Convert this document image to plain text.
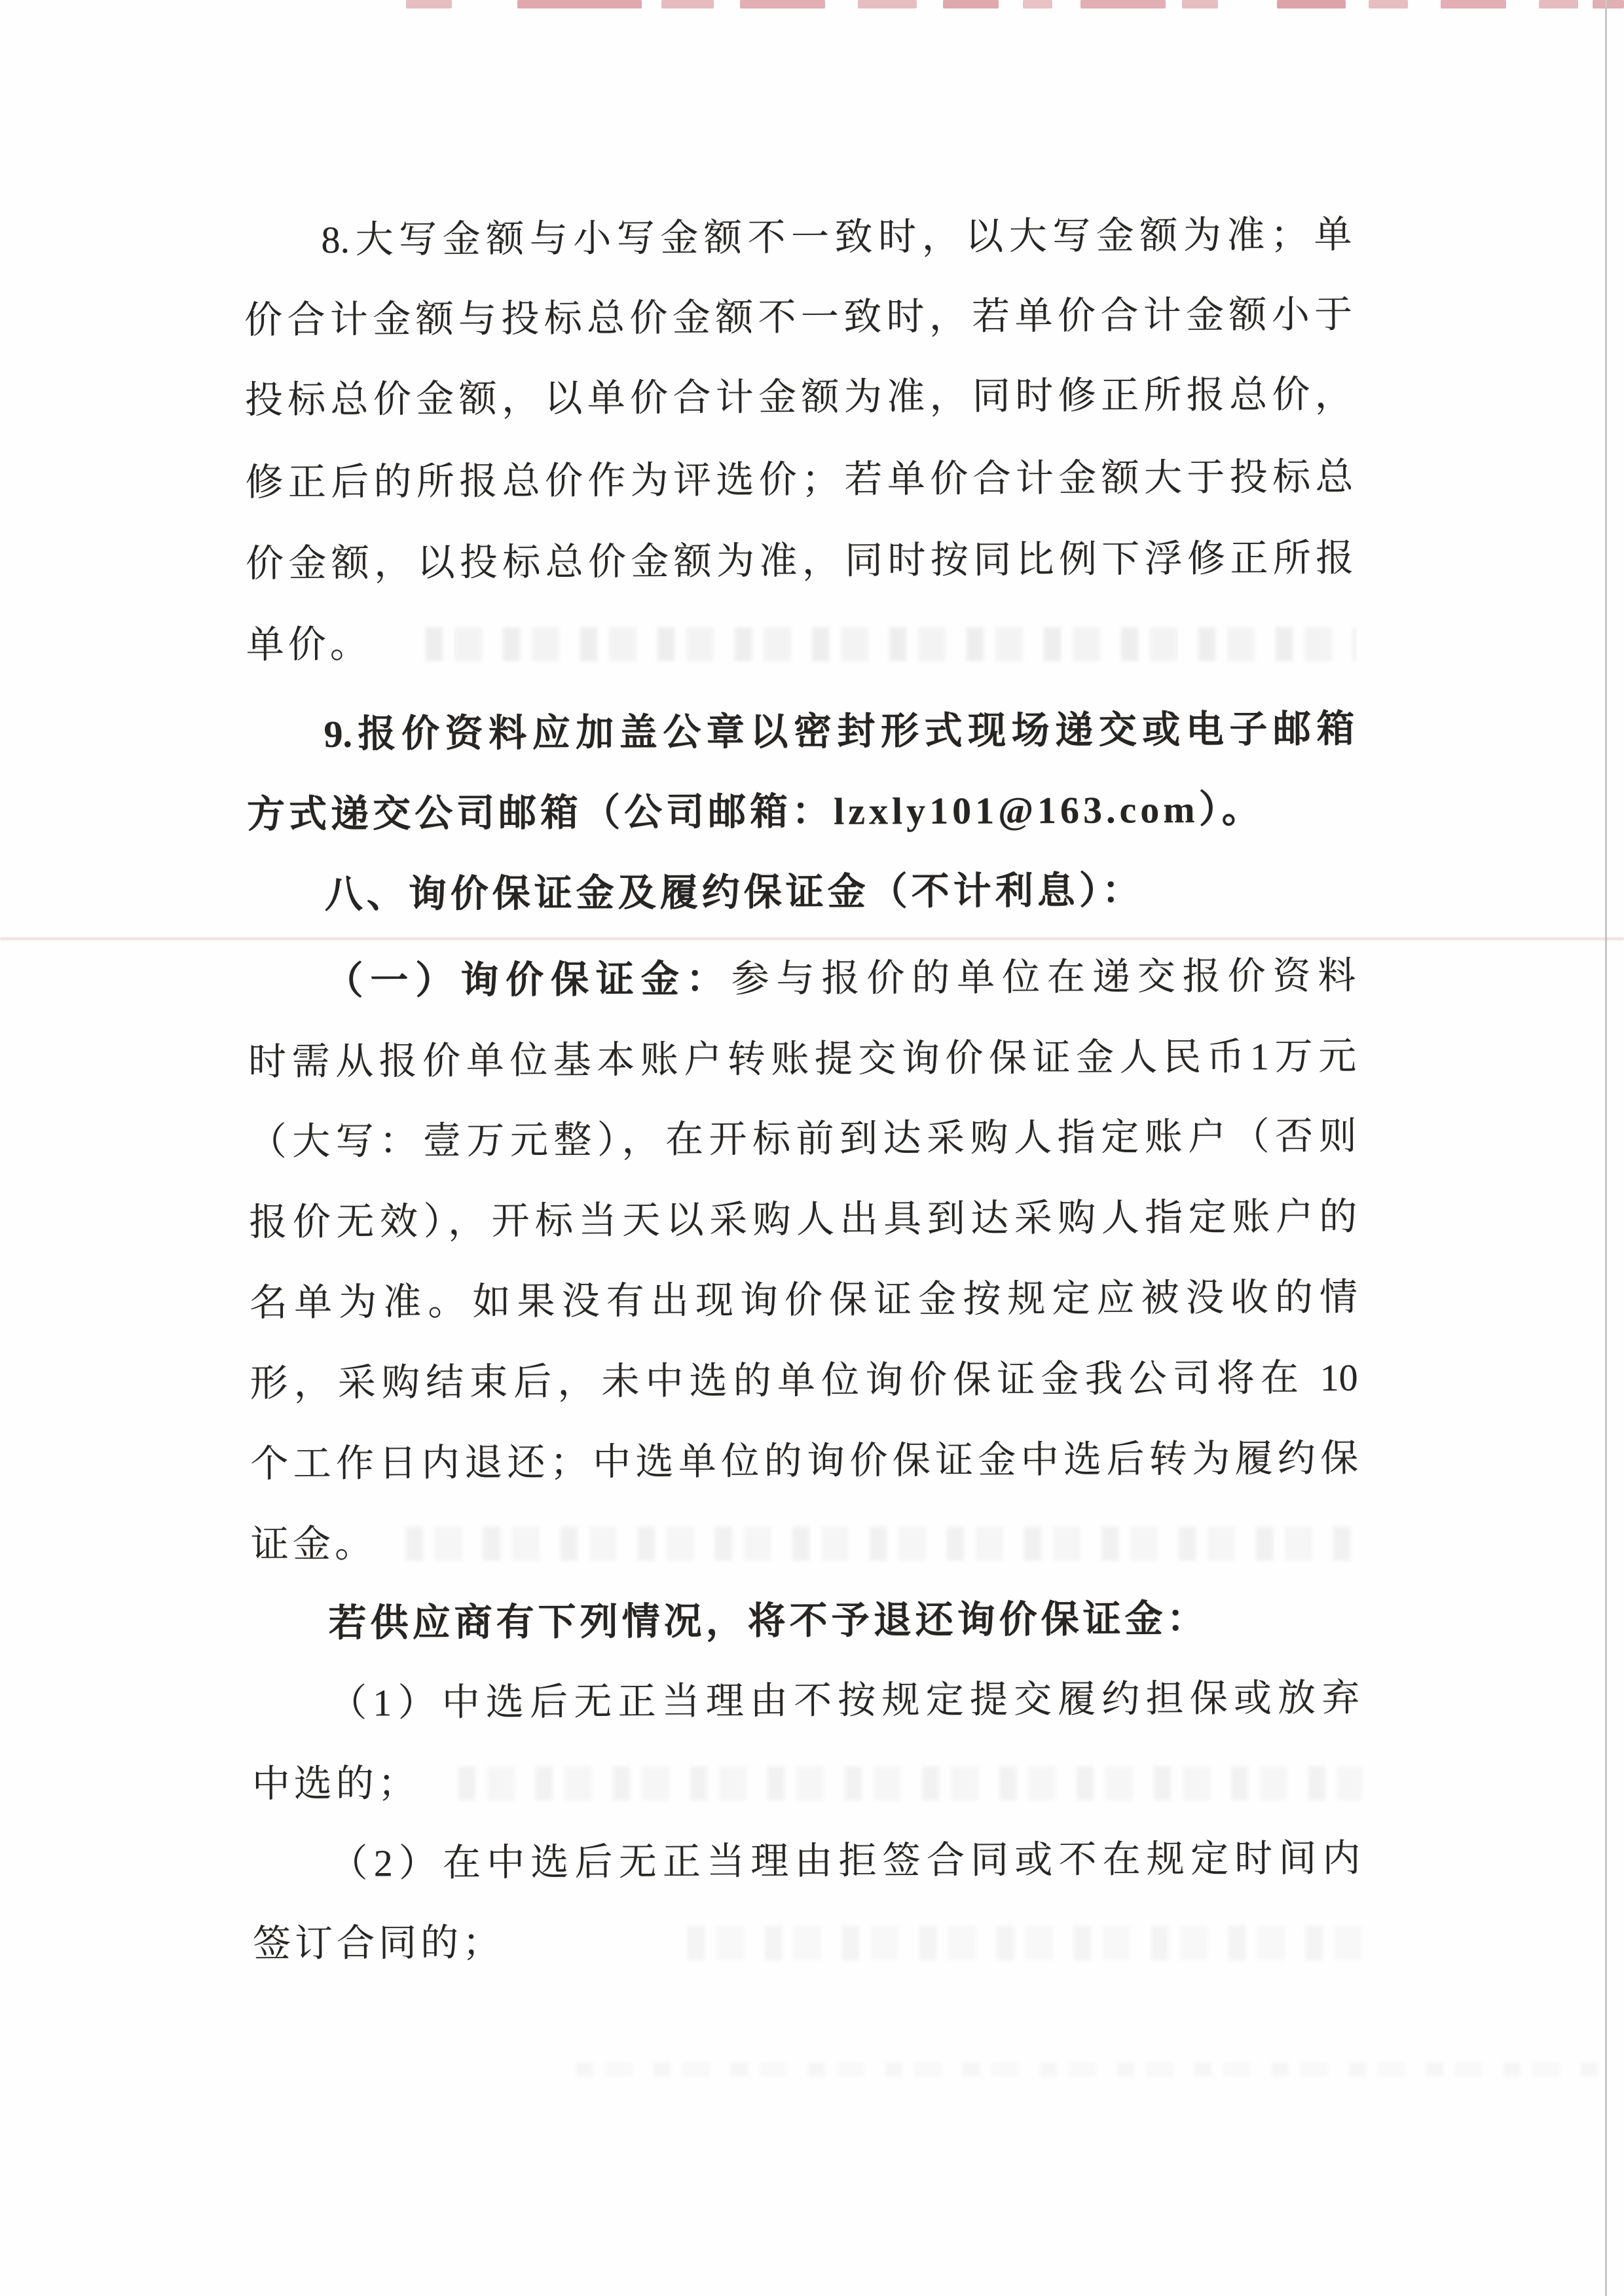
8.大写金额与小写金额不一致时，以大写金额为准；单
价合计金额与投标总价金额不一致时，若单价合计金额小于
投标总价金额，以单价合计金额为准，同时修正所报总价，
修正后的所报总价作为评选价；若单价合计金额大于投标总
价金额，以投标总价金额为准，同时按同比例下浮修正所报
单价。
9.报价资料应加盖公章以密封形式现场递交或电子邮箱
方式递交公司邮箱（公司邮箱：lzxly101@163.com）。
八、询价保证金及履约保证金（不计利息）：
（一）询价保证金：参与报价的单位在递交报价资料
时需从报价单位基本账户转账提交询价保证金人民币1万元
（大写：壹万元整），在开标前到达采购人指定账户（否则
报价无效），开标当天以采购人出具到达采购人指定账户的
名单为准。如果没有出现询价保证金按规定应被没收的情
形，采购结束后，未中选的单位询价保证金我公司将在 10
个工作日内退还；中选单位的询价保证金中选后转为履约保
证金。
若供应商有下列情况，将不予退还询价保证金：
（1）中选后无正当理由不按规定提交履约担保或放弃
中选的；
（2）在中选后无正当理由拒签合同或不在规定时间内
签订合同的；
